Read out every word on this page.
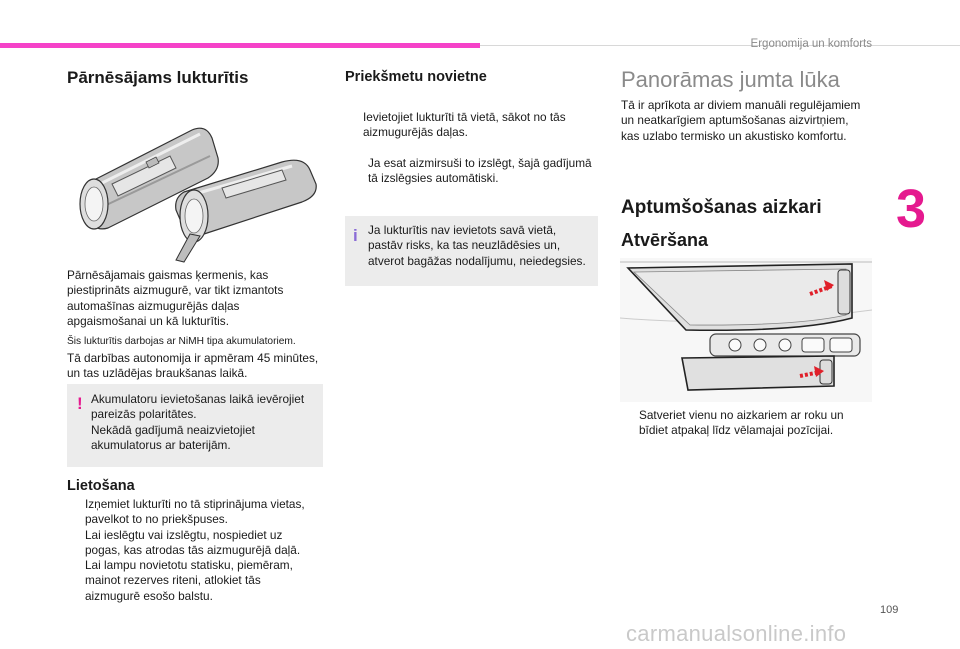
Ergonomija un komforts
3
109
carmanualsonline.info
Pārnēsājams lukturītis
Pārnēsājamais gaismas ķermenis, kas
piestiprināts aizmugurē, var tikt izmantots
automašīnas aizmugurējās daļas
apgaismošanai un kā lukturītis.
Šis lukturītis darbojas ar NiMH tipa akumulatoriem.
Tā darbības autonomija ir apmēram 45 minūtes,
un tas uzlādējas braukšanas laikā.
! Akumulatoru ievietošanas laikā ievērojiet
pareizās polaritātes.
Nekādā gadījumā neaizvietojiet
akumulatorus ar baterijām.
Lietošana
Izņemiet lukturīti no tā stiprinājuma vietas,
pavelkot to no priekšpuses.
Lai ieslēgtu vai izslēgtu, nospiediet uz
pogas, kas atrodas tās aizmugurējā daļā.
Lai lampu novietotu statisku, piemēram,
mainot rezerves riteni, atlokiet tās
aizmugurē esošo balstu.
Priekšmetu novietne
Ievietojiet lukturīti tā vietā, sākot no tās
aizmugurējās daļas.
Ja esat aizmirsuši to izslēgt, šajā gadījumā
tā izslēgsies automātiski.
i Ja lukturītis nav ievietots savā vietā,
pastāv risks, ka tas neuzlādēsies un,
atverot bagāžas nodalījumu, neiedegsies.
Panorāmas jumta lūka
Tā ir aprīkota ar diviem manuāli regulējamiem
un neatkarīgiem aptumšošanas aizvirtņiem,
kas uzlabo termisko un akustisko komfortu.
Aptumšošanas aizkari
Atvēršana
Satveriet vienu no aizkariem ar roku un
bīdiet atpakaļ līdz vēlamajai pozīcijai.
